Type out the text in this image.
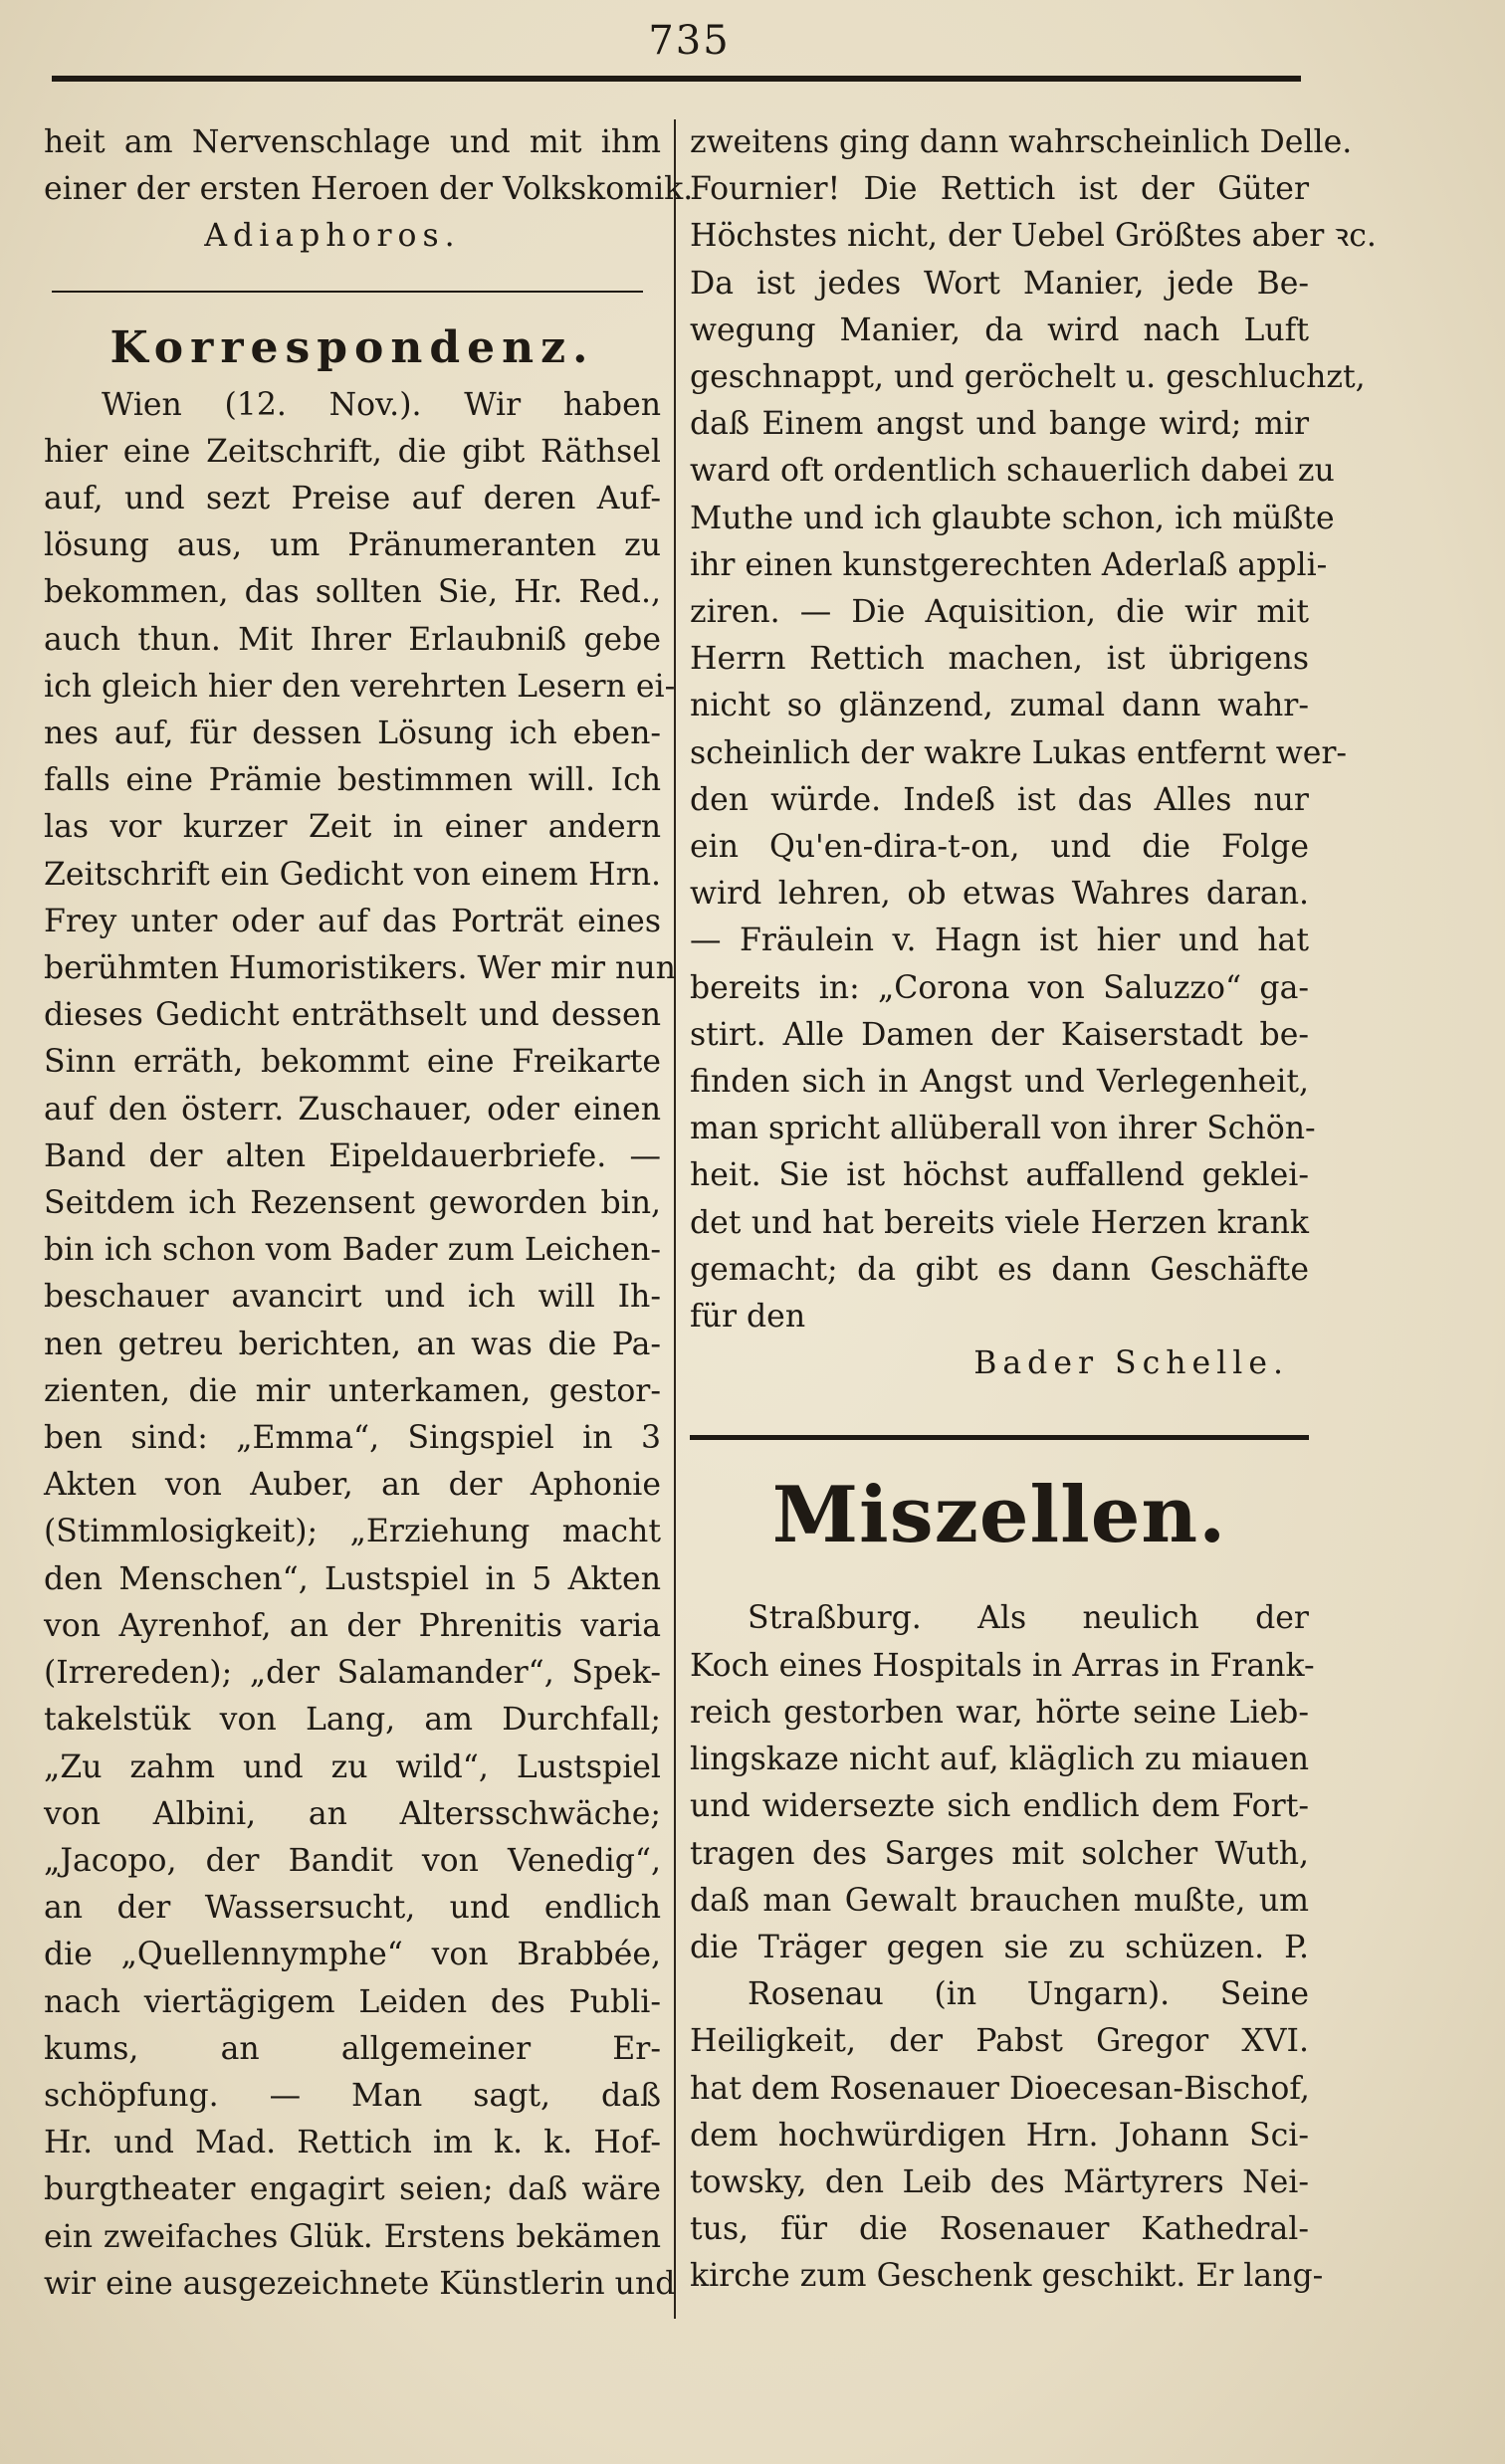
735
heit am Nervenschlage und mit ihm
einer der ersten Heroen der Volkskomik.
Adiaphoros.
Korrespondenz.
Wien (12. Nov.). Wir haben
hier eine Zeitschrift, die gibt Räthsel
auf, und sezt Preise auf deren Auf-
lösung aus, um Pränumeranten zu
bekommen, das sollten Sie, Hr. Red.,
auch thun. Mit Ihrer Erlaubniß gebe
ich gleich hier den verehrten Lesern ei-
nes auf, für dessen Lösung ich eben-
falls eine Prämie bestimmen will. Ich
las vor kurzer Zeit in einer andern
Zeitschrift ein Gedicht von einem Hrn.
Frey unter oder auf das Porträt eines
berühmten Humoristikers. Wer mir nun
dieses Gedicht enträthselt und dessen
Sinn erräth, bekommt eine Freikarte
auf den österr. Zuschauer, oder einen
Band der alten Eipeldauerbriefe. —
Seitdem ich Rezensent geworden bin,
bin ich schon vom Bader zum Leichen-
beschauer avancirt und ich will Ih-
nen getreu berichten, an was die Pa-
zienten, die mir unterkamen, gestor-
ben sind: „Emma“, Singspiel in 3
Akten von Auber, an der Aphonie
(Stimmlosigkeit); „Erziehung macht
den Menschen“, Lustspiel in 5 Akten
von Ayrenhof, an der Phrenitis varia
(Irrereden); „der Salamander“, Spek-
takelstük von Lang, am Durchfall;
„Zu zahm und zu wild“, Lustspiel
von Albini, an Altersschwäche;
„Jacopo, der Bandit von Venedig“,
an der Wassersucht, und endlich
die „Quellennymphe“ von Brabbée,
nach viertägigem Leiden des Publi-
kums, an allgemeiner Er-
schöpfung. — Man sagt, daß
Hr. und Mad. Rettich im k. k. Hof-
burgtheater engagirt seien; daß wäre
ein zweifaches Glük. Erstens bekämen
wir eine ausgezeichnete Künstlerin und
zweitens ging dann wahrscheinlich Delle.
Fournier! Die Rettich ist der Güter
Höchstes nicht, der Uebel Größtes aber ꝛc.
Da ist jedes Wort Manier, jede Be-
wegung Manier, da wird nach Luft
geschnappt, und geröchelt u. geschluchzt,
daß Einem angst und bange wird; mir
ward oft ordentlich schauerlich dabei zu
Muthe und ich glaubte schon, ich müßte
ihr einen kunstgerechten Aderlaß appli-
ziren. — Die Aquisition, die wir mit
Herrn Rettich machen, ist übrigens
nicht so glänzend, zumal dann wahr-
scheinlich der wakre Lukas entfernt wer-
den würde. Indeß ist das Alles nur
ein Qu'en-dira-t-on, und die Folge
wird lehren, ob etwas Wahres daran.
— Fräulein v. Hagn ist hier und hat
bereits in: „Corona von Saluzzo“ ga-
stirt. Alle Damen der Kaiserstadt be-
finden sich in Angst und Verlegenheit,
man spricht allüberall von ihrer Schön-
heit. Sie ist höchst auffallend geklei-
det und hat bereits viele Herzen krank
gemacht; da gibt es dann Geschäfte
für den
Bader Schelle.
Miszellen.
Straßburg. Als neulich der
Koch eines Hospitals in Arras in Frank-
reich gestorben war, hörte seine Lieb-
lingskaze nicht auf, kläglich zu miauen
und widersezte sich endlich dem Fort-
tragen des Sarges mit solcher Wuth,
daß man Gewalt brauchen mußte, um
die Träger gegen sie zu schüzen. P.
Rosenau (in Ungarn). Seine
Heiligkeit, der Pabst Gregor XVI.
hat dem Rosenauer Dioecesan-Bischof,
dem hochwürdigen Hrn. Johann Sci-
towsky, den Leib des Märtyrers Nei-
tus, für die Rosenauer Kathedral-
kirche zum Geschenk geschikt. Er lang-
